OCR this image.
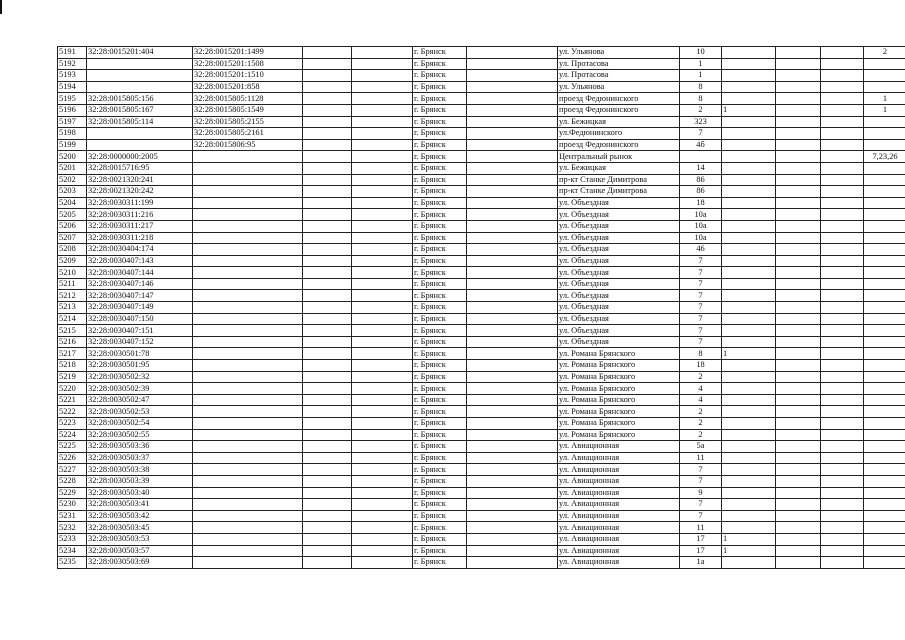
5191	32:28:0015201:404	32:28:0015201:1499			г. Брянск		ул. Ульянова	10				2
5192		32:28:0015201:1508			г. Брянск		ул. Протасова	1				
5193		32:28:0015201:1510			г. Брянск		ул. Протасова	1				
5194		32:28:0015201:858			г. Брянск		ул. Ульянова	8				
5195	32:28:0015805:156	32:28:0015805:1128			г. Брянск		проезд Федюнинского	8				1
5196	32:28:0015805:167	32:28:0015805:1549			г. Брянск		проезд Федюнинского	2	1			1
5197	32:28:0015805:114	32:28:0015805:2155			г. Брянск		ул. Бежицкая	323				
5198		32:28:0015805:2161			г. Брянск		ул.Федюнинского	7				
5199		32:28:0015806:95			г. Брянск		проезд Федюнинского	4б				
5200	32:28:0000000:2005				г. Брянск		Центральный рынок					7,23,26
5201	32:28:0015716:95				г. Брянск		ул. Бежицкая	14				
5202	32:28:0021320:241				г. Брянск		пр-кт Станке Димитрова	86				
5203	32:28:0021320:242				г. Брянск		пр-кт Станке Димитрова	86				
5204	32:28:0030311:199				г. Брянск		ул. Объездная	18				
5205	32:28:0030311:216				г. Брянск		ул. Объездная	10а				
5206	32:28:0030311:217				г. Брянск		ул. Объездная	10а				
5207	32:28:0030311:218				г. Брянск		ул. Объездная	10а				
5208	32:28:0030404:174				г. Брянск		ул. Объездная	46				
5209	32:28:0030407:143				г. Брянск		ул. Объездная	7				
5210	32:28:0030407:144				г. Брянск		ул. Объездная	7				
5211	32:28:0030407:146				г. Брянск		ул. Объездная	7				
5212	32:28:0030407:147				г. Брянск		ул. Объездная	7				
5213	32:28:0030407:149				г. Брянск		ул. Объездная	7				
5214	32:28:0030407:150				г. Брянск		ул. Объездная	7				
5215	32:28:0030407:151				г. Брянск		ул. Объездная	7				
5216	32:28:0030407:152				г. Брянск		ул. Объездная	7				
5217	32:28:0030501:78				г. Брянск		ул. Романа Брянского	8	1			
5218	32:28:0030501:95				г. Брянск		ул. Романа Брянского	18				
5219	32:28:0030502:32				г. Брянск		ул. Романа Брянского	2				
5220	32:28:0030502:39				г. Брянск		ул. Романа Брянского	4				
5221	32:28:0030502:47				г. Брянск		ул. Романа Брянского	4				
5222	32:28:0030502:53				г. Брянск		ул. Романа Брянского	2				
5223	32:28:0030502:54				г. Брянск		ул. Романа Брянского	2				
5224	32:28:0030502:55				г. Брянск		ул. Романа Брянского	2				
5225	32:28:0030503:36				г. Брянск		ул. Авиационная	5а				
5226	32:28:0030503:37				г. Брянск		ул. Авиационная	11				
5227	32:28:0030503:38				г. Брянск		ул. Авиационная	7				
5228	32:28:0030503:39				г. Брянск		ул. Авиационная	7				
5229	32:28:0030503:40				г. Брянск		ул. Авиационная	9				
5230	32:28:0030503:41				г. Брянск		ул. Авиационная	7				
5231	32:28:0030503:42				г. Брянск		ул. Авиационная	7				
5232	32:28:0030503:45				г. Брянск		ул. Авиационная	11				
5233	32:28:0030503:53				г. Брянск		ул. Авиационная	17	1			
5234	32:28:0030503:57				г. Брянск		ул. Авиационная	17	1			
5235	32:28:0030503:69				г. Брянск		ул. Авиационная	1а				
